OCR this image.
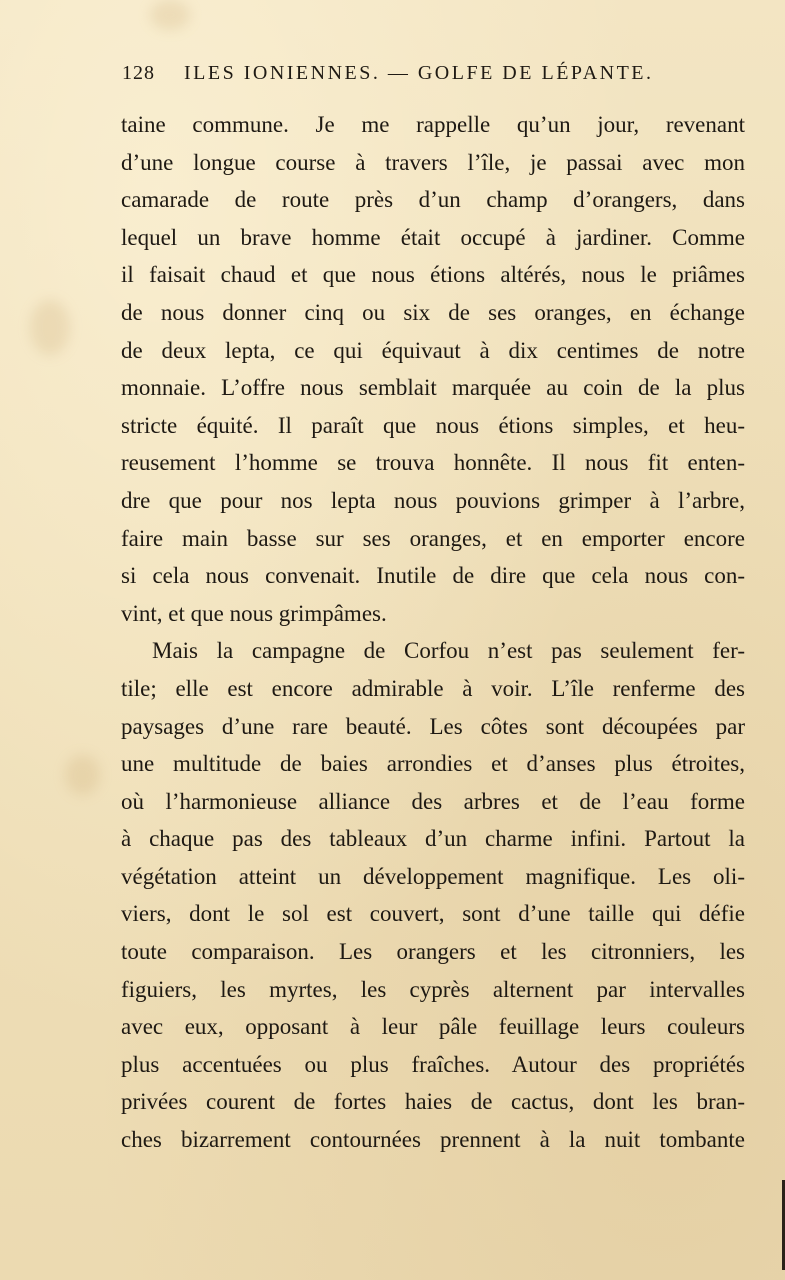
128 ILES IONIENNES. — GOLFE DE LÉPANTE.
taine commune. Je me rappelle qu’un jour, revenant
d’une longue course à travers l’île, je passai avec mon
camarade de route près d’un champ d’orangers, dans
lequel un brave homme était occupé à jardiner. Comme
il faisait chaud et que nous étions altérés, nous le priâmes
de nous donner cinq ou six de ses oranges, en échange
de deux lepta, ce qui équivaut à dix centimes de notre
monnaie. L’offre nous semblait marquée au coin de la plus
stricte équité. Il paraît que nous étions simples, et heu-
reusement l’homme se trouva honnête. Il nous fit enten-
dre que pour nos lepta nous pouvions grimper à l’arbre,
faire main basse sur ses oranges, et en emporter encore
si cela nous convenait. Inutile de dire que cela nous con-
vint, et que nous grimpâmes.
Mais la campagne de Corfou n’est pas seulement fer-
tile; elle est encore admirable à voir. L’île renferme des
paysages d’une rare beauté. Les côtes sont découpées par
une multitude de baies arrondies et d’anses plus étroites,
où l’harmonieuse alliance des arbres et de l’eau forme
à chaque pas des tableaux d’un charme infini. Partout la
végétation atteint un développement magnifique. Les oli-
viers, dont le sol est couvert, sont d’une taille qui défie
toute comparaison. Les orangers et les citronniers, les
figuiers, les myrtes, les cyprès alternent par intervalles
avec eux, opposant à leur pâle feuillage leurs couleurs
plus accentuées ou plus fraîches. Autour des propriétés
privées courent de fortes haies de cactus, dont les bran-
ches bizarrement contournées prennent à la nuit tombante
